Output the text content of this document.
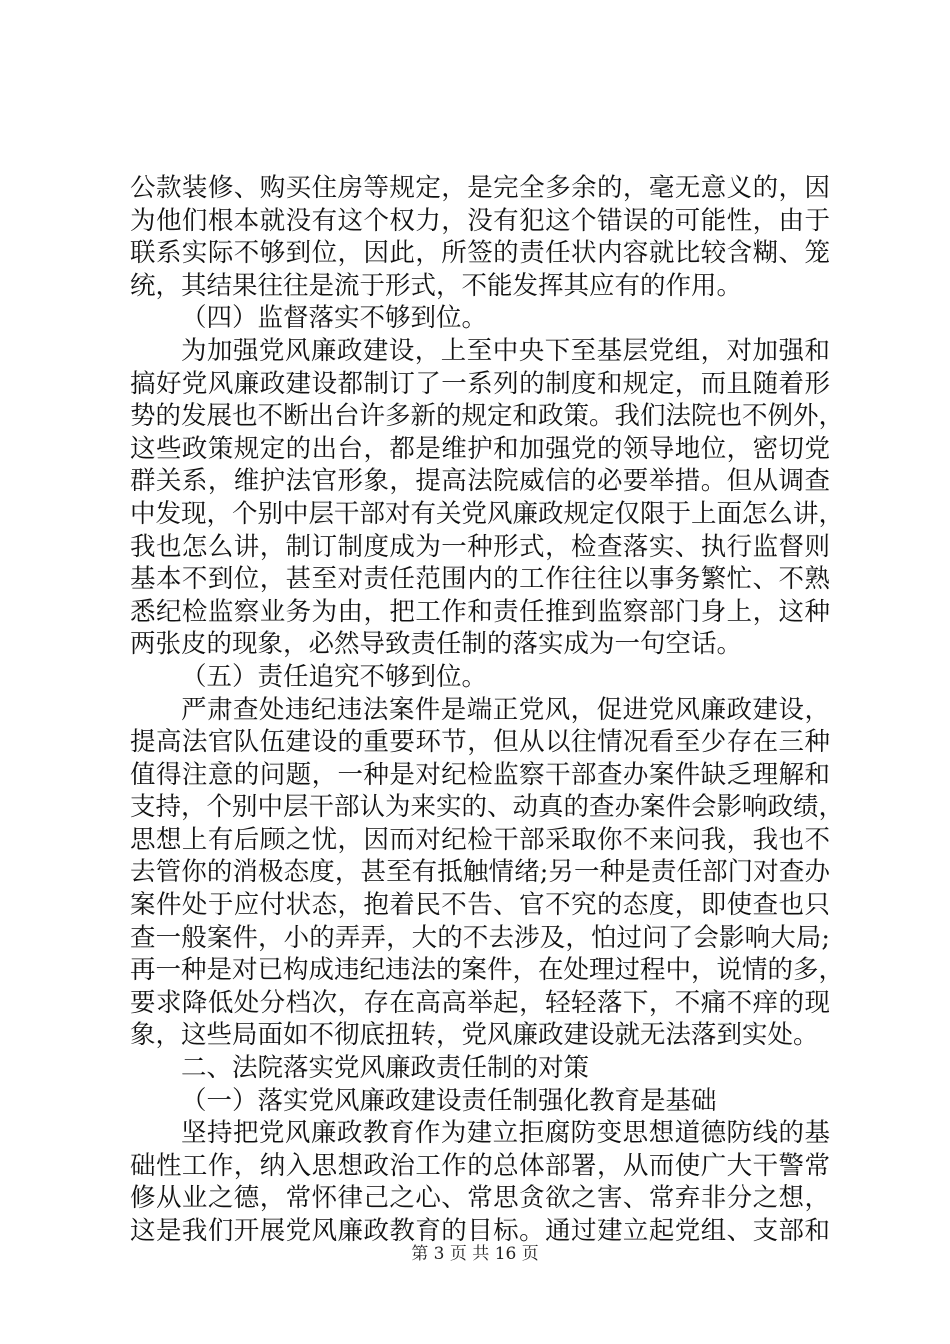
公款装修、购买住房等规定，是完全多余的，毫无意义的，因
为他们根本就没有这个权力，没有犯这个错误的可能性，由于
联系实际不够到位，因此，所签的责任状内容就比较含糊、笼
统，其结果往往是流于形式，不能发挥其应有的作用。
（四）监督落实不够到位。
为加强党风廉政建设，上至中央下至基层党组，对加强和
搞好党风廉政建设都制订了一系列的制度和规定，而且随着形
势的发展也不断出台许多新的规定和政策。我们法院也不例外，
这些政策规定的出台，都是维护和加强党的领导地位，密切党
群关系，维护法官形象，提高法院威信的必要举措。但从调查
中发现，个别中层干部对有关党风廉政规定仅限于上面怎么讲，
我也怎么讲，制订制度成为一种形式，检查落实、执行监督则
基本不到位，甚至对责任范围内的工作往往以事务繁忙、不熟
悉纪检监察业务为由，把工作和责任推到监察部门身上，这种
两张皮的现象，必然导致责任制的落实成为一句空话。
（五）责任追究不够到位。
严肃查处违纪违法案件是端正党风，促进党风廉政建设，
提高法官队伍建设的重要环节，但从以往情况看至少存在三种
值得注意的问题，一种是对纪检监察干部查办案件缺乏理解和
支持，个别中层干部认为来实的、动真的查办案件会影响政绩，
思想上有后顾之忧，因而对纪检干部采取你不来问我，我也不
去管你的消极态度，甚至有抵触情绪;另一种是责任部门对查办
案件处于应付状态，抱着民不告、官不究的态度，即使查也只
查一般案件，小的弄弄，大的不去涉及，怕过问了会影响大局;
再一种是对已构成违纪违法的案件，在处理过程中，说情的多，
要求降低处分档次，存在高高举起，轻轻落下，不痛不痒的现
象，这些局面如不彻底扭转，党风廉政建设就无法落到实处。
二、法院落实党风廉政责任制的对策
（一）落实党风廉政建设责任制强化教育是基础
坚持把党风廉政教育作为建立拒腐防变思想道德防线的基
础性工作，纳入思想政治工作的总体部署，从而使广大干警常
修从业之德，常怀律己之心、常思贪欲之害、常弃非分之想，
这是我们开展党风廉政教育的目标。通过建立起党组、支部和
第 3 页 共 16 页
